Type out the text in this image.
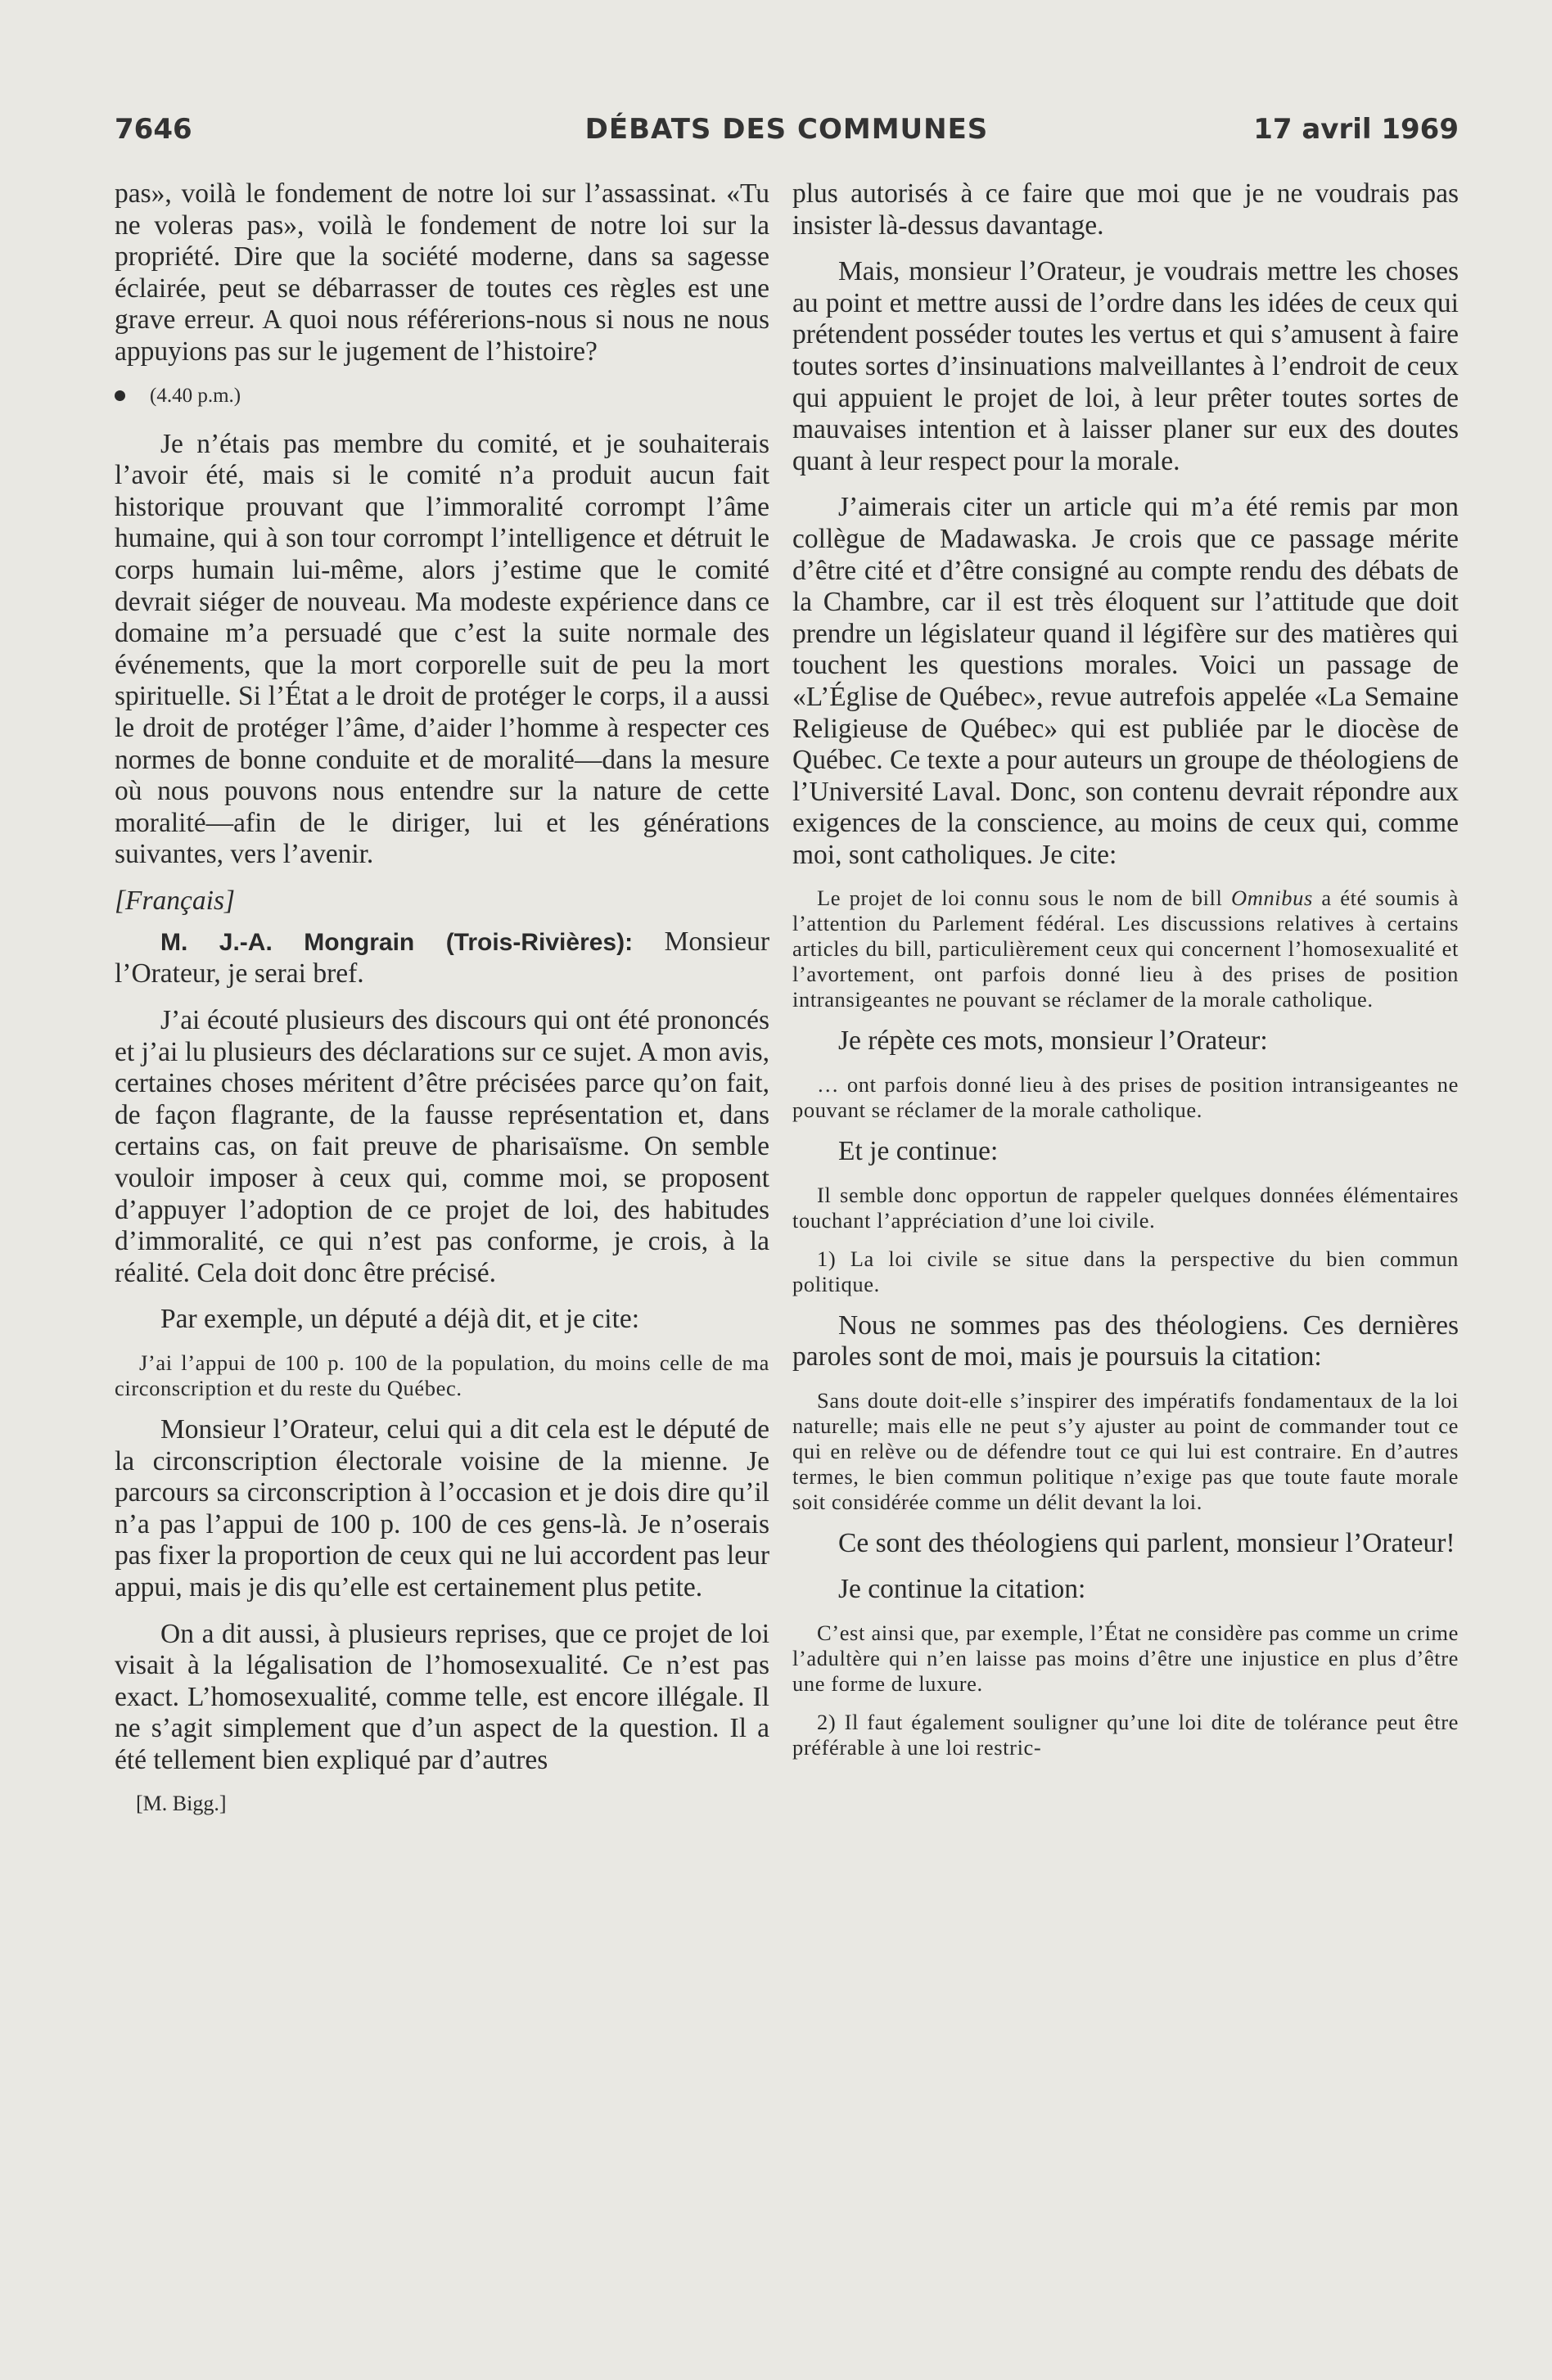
7646	DÉBATS DES COMMUNES	17 avril 1969

pas», voilà le fondement de notre loi sur l’assassinat. «Tu ne voleras pas», voilà le fondement de notre loi sur la propriété. Dire que la société moderne, dans sa sagesse éclairée, peut se débarrasser de toutes ces règles est une grave erreur. A quoi nous référerions-nous si nous ne nous appuyions pas sur le jugement de l’histoire?

(4.40 p.m.)

Je n’étais pas membre du comité, et je souhaiterais l’avoir été, mais si le comité n’a produit aucun fait historique prouvant que l’immoralité corrompt l’âme humaine, qui à son tour corrompt l’intelligence et détruit le corps humain lui-même, alors j’estime que le comité devrait siéger de nouveau. Ma modeste expérience dans ce domaine m’a persuadé que c’est la suite normale des événements, que la mort corporelle suit de peu la mort spirituelle. Si l’État a le droit de protéger le corps, il a aussi le droit de protéger l’âme, d’aider l’homme à respecter ces normes de bonne conduite et de moralité—dans la mesure où nous pouvons nous entendre sur la nature de cette moralité—afin de le diriger, lui et les générations suivantes, vers l’avenir.

[Français]

M. J.-A. Mongrain (Trois-Rivières): Monsieur l’Orateur, je serai bref.

J’ai écouté plusieurs des discours qui ont été prononcés et j’ai lu plusieurs des déclarations sur ce sujet. A mon avis, certaines choses méritent d’être précisées parce qu’on fait, de façon flagrante, de la fausse représentation et, dans certains cas, on fait preuve de pharisaïsme. On semble vouloir imposer à ceux qui, comme moi, se proposent d’appuyer l’adoption de ce projet de loi, des habitudes d’immoralité, ce qui n’est pas conforme, je crois, à la réalité. Cela doit donc être précisé.

Par exemple, un député a déjà dit, et je cite:

J’ai l’appui de 100 p. 100 de la population, du moins celle de ma circonscription et du reste du Québec.

Monsieur l’Orateur, celui qui a dit cela est le député de la circonscription électorale voisine de la mienne. Je parcours sa circonscription à l’occasion et je dois dire qu’il n’a pas l’appui de 100 p. 100 de ces gens-là. Je n’oserais pas fixer la proportion de ceux qui ne lui accordent pas leur appui, mais je dis qu’elle est certainement plus petite.

On a dit aussi, à plusieurs reprises, que ce projet de loi visait à la légalisation de l’homosexualité. Ce n’est pas exact. L’homosexualité, comme telle, est encore illégale. Il ne s’agit simplement que d’un aspect de la question. Il a été tellement bien expliqué par d’autres

[M. Bigg.]

plus autorisés à ce faire que moi que je ne voudrais pas insister là-dessus davantage.

Mais, monsieur l’Orateur, je voudrais mettre les choses au point et mettre aussi de l’ordre dans les idées de ceux qui prétendent posséder toutes les vertus et qui s’amusent à faire toutes sortes d’insinuations malveillantes à l’endroit de ceux qui appuient le projet de loi, à leur prêter toutes sortes de mauvaises intention et à laisser planer sur eux des doutes quant à leur respect pour la morale.

J’aimerais citer un article qui m’a été remis par mon collègue de Madawaska. Je crois que ce passage mérite d’être cité et d’être consigné au compte rendu des débats de la Chambre, car il est très éloquent sur l’attitude que doit prendre un législateur quand il légifère sur des matières qui touchent les questions morales. Voici un passage de «L’Église de Québec», revue autrefois appelée «La Semaine Religieuse de Québec» qui est publiée par le diocèse de Québec. Ce texte a pour auteurs un groupe de théologiens de l’Université Laval. Donc, son contenu devrait répondre aux exigences de la conscience, au moins de ceux qui, comme moi, sont catholiques. Je cite:

Le projet de loi connu sous le nom de bill Omnibus a été soumis à l’attention du Parlement fédéral. Les discussions relatives à certains articles du bill, particulièrement ceux qui concernent l’homosexualité et l’avortement, ont parfois donné lieu à des prises de position intransigeantes ne pouvant se réclamer de la morale catholique.

Je répète ces mots, monsieur l’Orateur:

… ont parfois donné lieu à des prises de position intransigeantes ne pouvant se réclamer de la morale catholique.

Et je continue:

Il semble donc opportun de rappeler quelques données élémentaires touchant l’appréciation d’une loi civile.

1) La loi civile se situe dans la perspective du bien commun politique.

Nous ne sommes pas des théologiens. Ces dernières paroles sont de moi, mais je poursuis la citation:

Sans doute doit-elle s’inspirer des impératifs fondamentaux de la loi naturelle; mais elle ne peut s’y ajuster au point de commander tout ce qui en relève ou de défendre tout ce qui lui est contraire. En d’autres termes, le bien commun politique n’exige pas que toute faute morale soit considérée comme un délit devant la loi.

Ce sont des théologiens qui parlent, monsieur l’Orateur!

Je continue la citation:

C’est ainsi que, par exemple, l’État ne considère pas comme un crime l’adultère qui n’en laisse pas moins d’être une injustice en plus d’être une forme de luxure.

2) Il faut également souligner qu’une loi dite de tolérance peut être préférable à une loi restric-
